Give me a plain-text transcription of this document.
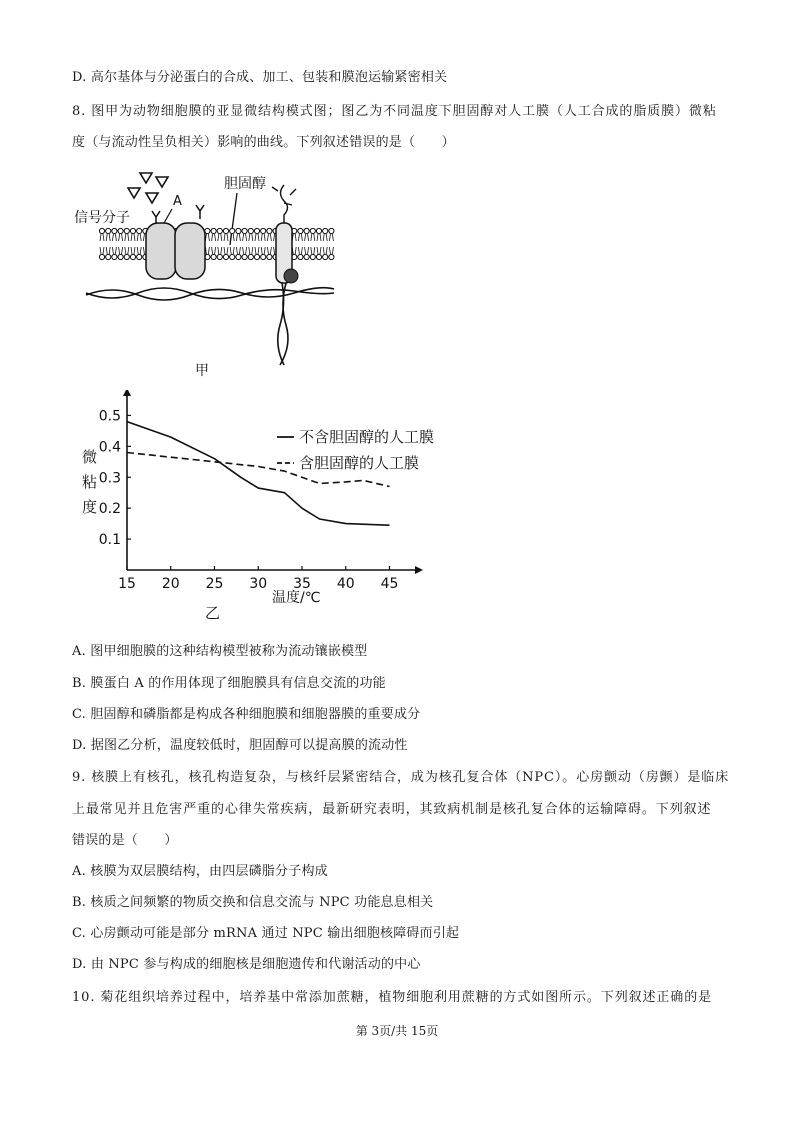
D. 高尔基体与分泌蛋白的合成、加工、包装和膜泡运输紧密相关
8. 图甲为动物细胞膜的亚显微结构模式图；图乙为不同温度下胆固醇对人工膜（人工合成的脂质膜）微粘
度（与流动性呈负相关）影响的曲线。下列叙述错误的是（　　）
信号分子
A
胆固醇
甲
15 20 25 30 35 40 45
0.1
0.2
0.3
0.4
0.5
不含胆固醇的人工膜
含胆固醇的人工膜
微
粘
度
温度/℃
乙
A. 图甲细胞膜的这种结构模型被称为流动镶嵌模型
B. 膜蛋白 A 的作用体现了细胞膜具有信息交流的功能
C. 胆固醇和磷脂都是构成各种细胞膜和细胞器膜的重要成分
D. 据图乙分析，温度较低时，胆固醇可以提高膜的流动性
9. 核膜上有核孔，核孔构造复杂，与核纤层紧密结合，成为核孔复合体（NPC）。心房颤动（房颤）是临床
上最常见并且危害严重的心律失常疾病，最新研究表明，其致病机制是核孔复合体的运输障碍。下列叙述
错误的是（　　）
A. 核膜为双层膜结构，由四层磷脂分子构成
B. 核质之间频繁的物质交换和信息交流与 NPC 功能息息相关
C. 心房颤动可能是部分 mRNA 通过 NPC 输出细胞核障碍而引起
D. 由 NPC 参与构成的细胞核是细胞遗传和代谢活动的中心
10. 菊花组织培养过程中，培养基中常添加蔗糖，植物细胞利用蔗糖的方式如图所示。下列叙述正确的是
第 3页/共 15页
